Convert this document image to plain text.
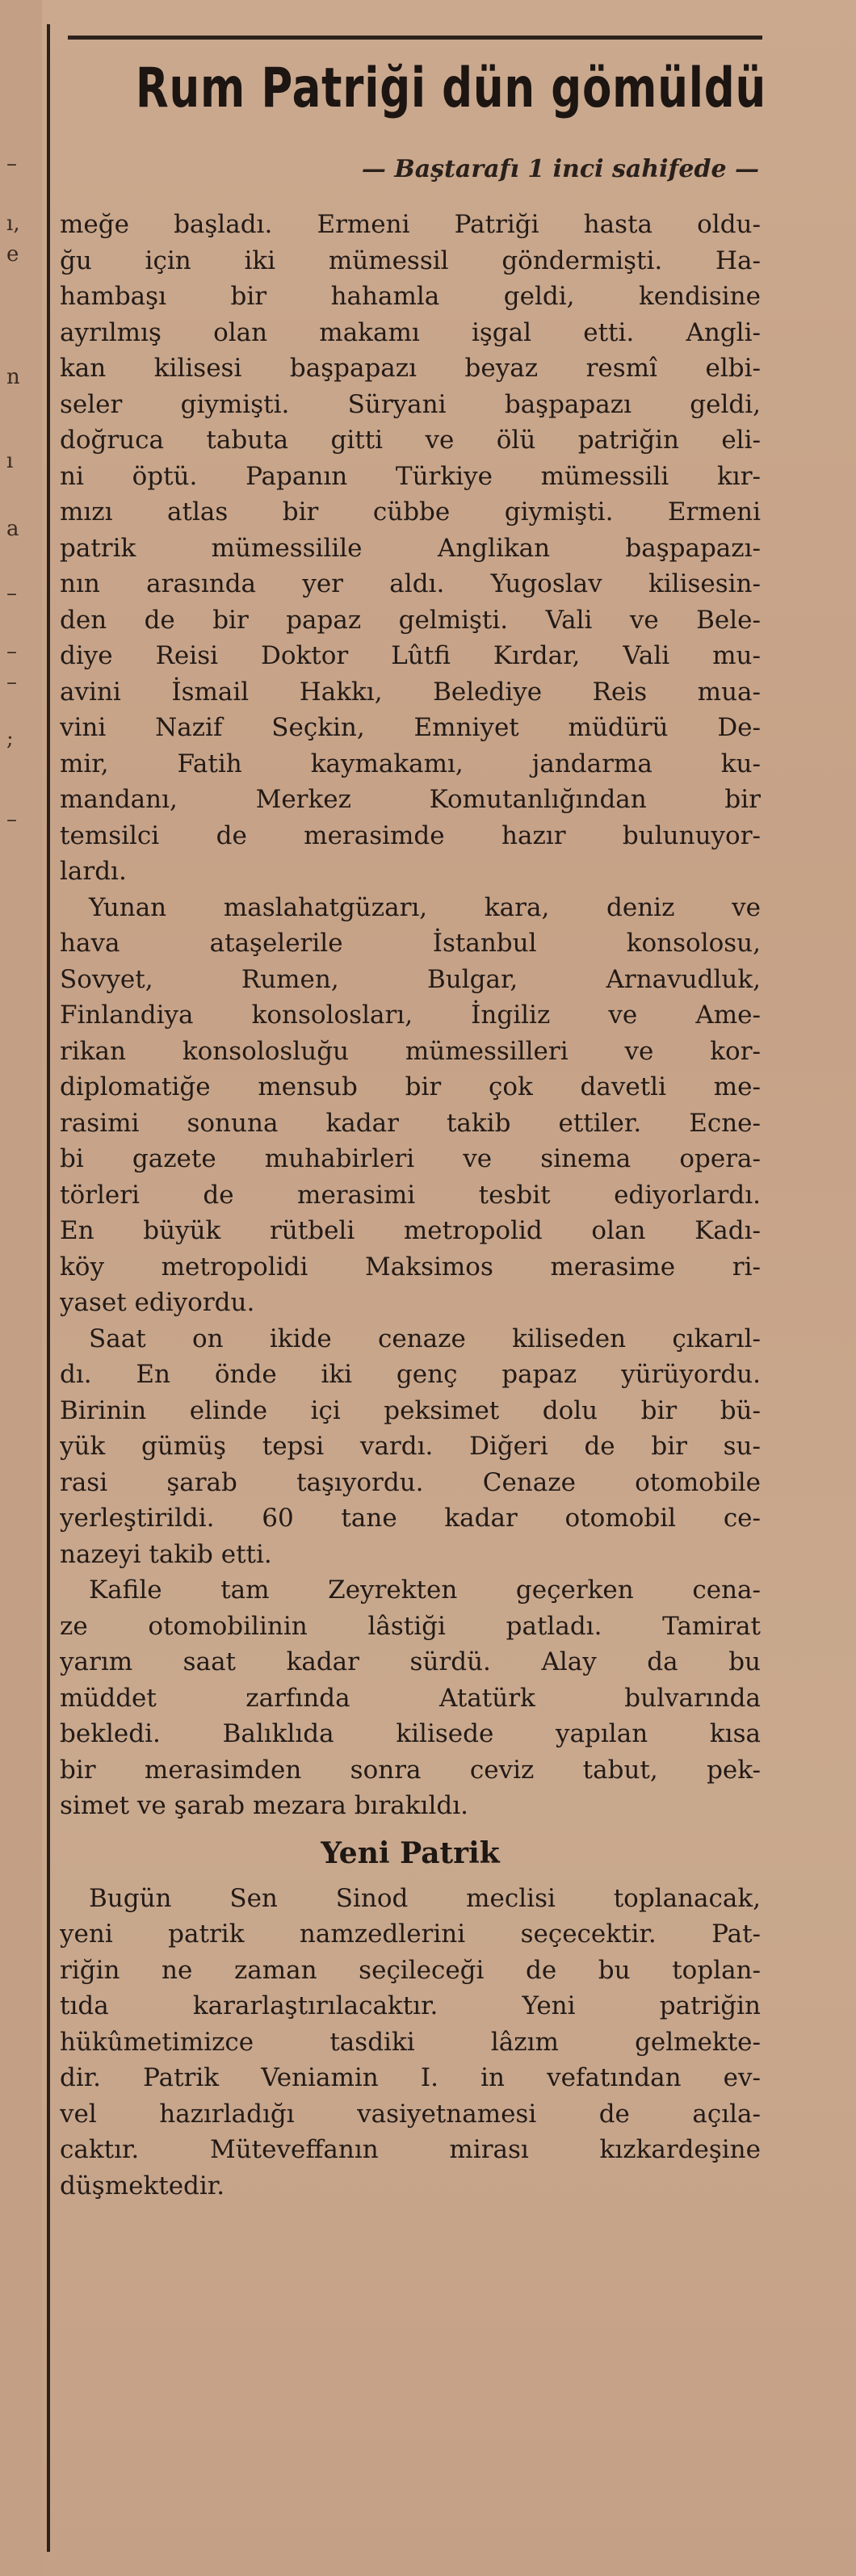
–
ı,
e
n
ı
a
–
–
–
;
–
Rum Patriği dün gömüldü
— Baştarafı 1 inci sahifede —
meğe başladı. Ermeni Patriği hasta oldu-
ğu için iki mümessil göndermişti. Ha-
hambaşı bir hahamla geldi, kendisine
ayrılmış olan makamı işgal etti. Angli-
kan kilisesi başpapazı beyaz resmî elbi-
seler giymişti. Süryani başpapazı geldi,
doğruca tabuta gitti ve ölü patriğin eli-
ni öptü. Papanın Türkiye mümessili kır-
mızı atlas bir cübbe giymişti. Ermeni
patrik mümessilile Anglikan başpapazı-
nın arasında yer aldı. Yugoslav kilisesin-
den de bir papaz gelmişti. Vali ve Bele-
diye Reisi Doktor Lûtfi Kırdar, Vali mu-
avini İsmail Hakkı, Belediye Reis mua-
vini Nazif Seçkin, Emniyet müdürü De-
mir, Fatih kaymakamı, jandarma ku-
mandanı, Merkez Komutanlığından bir
temsilci de merasimde hazır bulunuyor-
lardı.
Yunan maslahatgüzarı, kara, deniz ve
hava ataşelerile İstanbul konsolosu,
Sovyet, Rumen, Bulgar, Arnavudluk,
Finlandiya konsolosları, İngiliz ve Ame-
rikan konsolosluğu mümessilleri ve kor-
diplomatiğe mensub bir çok davetli me-
rasimi sonuna kadar takib ettiler. Ecne-
bi gazete muhabirleri ve sinema opera-
törleri de merasimi tesbit ediyorlardı.
En büyük rütbeli metropolid olan Kadı-
köy metropolidi Maksimos merasime ri-
yaset ediyordu.
Saat on ikide cenaze kiliseden çıkarıl-
dı. En önde iki genç papaz yürüyordu.
Birinin elinde içi peksimet dolu bir bü-
yük gümüş tepsi vardı. Diğeri de bir su-
rasi şarab taşıyordu. Cenaze otomobile
yerleştirildi. 60 tane kadar otomobil ce-
nazeyi takib etti.
Kafile tam Zeyrekten geçerken cena-
ze otomobilinin lâstiği patladı. Tamirat
yarım saat kadar sürdü. Alay da bu
müddet zarfında Atatürk bulvarında
bekledi. Balıklıda kilisede yapılan kısa
bir merasimden sonra ceviz tabut, pek-
simet ve şarab mezara bırakıldı.
Yeni Patrik
Bugün Sen Sinod meclisi toplanacak,
yeni patrik namzedlerini seçecektir. Pat-
riğin ne zaman seçileceği de bu toplan-
tıda kararlaştırılacaktır. Yeni patriğin
hükûmetimizce tasdiki lâzım gelmekte-
dir. Patrik Veniamin I. in vefatından ev-
vel hazırladığı vasiyetnamesi de açıla-
caktır. Müteveffanın mirası kızkardeşine
düşmektedir.
